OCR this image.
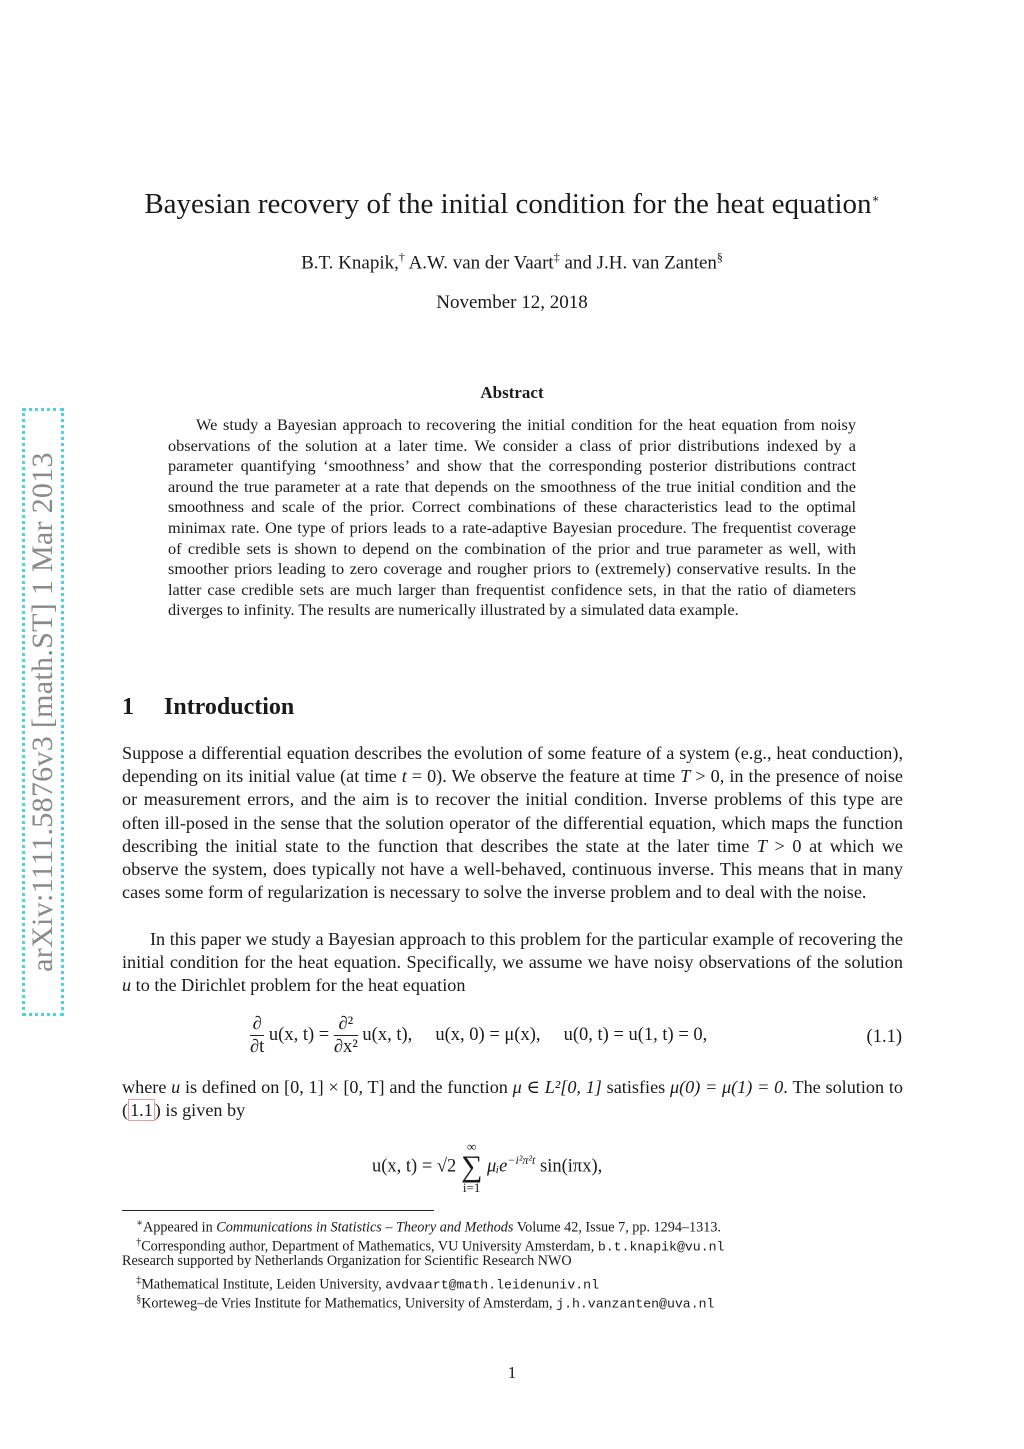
arXiv:1111.5876v3 [math.ST] 1 Mar 2013
Bayesian recovery of the initial condition for the heat equation∗
B.T. Knapik,† A.W. van der Vaart‡ and J.H. van Zanten§
November 12, 2018
Abstract

We study a Bayesian approach to recovering the initial condition for the heat equation from noisy observations of the solution at a later time. We consider a class of prior distributions indexed by a parameter quantifying ‘smoothness’ and show that the corresponding posterior distributions contract around the true parameter at a rate that depends on the smoothness of the true initial condition and the smoothness and scale of the prior. Correct combinations of these characteristics lead to the optimal minimax rate. One type of priors leads to a rate-adaptive Bayesian procedure. The frequentist coverage of credible sets is shown to depend on the combination of the prior and true parameter as well, with smoother priors leading to zero coverage and rougher priors to (extremely) conservative results. In the latter case credible sets are much larger than frequentist confidence sets, in that the ratio of diameters diverges to infinity. The results are numerically illustrated by a simulated data example.

1 Introduction

Suppose a differential equation describes the evolution of some feature of a system (e.g., heat conduction), depending on its initial value (at time t = 0). We observe the feature at time T > 0, in the presence of noise or measurement errors, and the aim is to recover the initial condition. Inverse problems of this type are often ill-posed in the sense that the solution operator of the differential equation, which maps the function describing the initial state to the function that describes the state at the later time T > 0 at which we observe the system, does typically not have a well-behaved, continuous inverse. This means that in many cases some form of regularization is necessary to solve the inverse problem and to deal with the noise.

In this paper we study a Bayesian approach to this problem for the particular example of recovering the initial condition for the heat equation. Specifically, we assume we have noisy observations of the solution u to the Dirichlet problem for the heat equation

$\frac{\partial}{\partial t} u(x$, $t) = \frac{\text{∂²}}{\text{∂x²}} u(x$, t),     u(x, 0) = μ(x),     u(0, t) = u(1, t) = 0,	(1.1)

where u is defined on [0, 1] × [0, T] and the function μ ∈ L²[0, 1] satisfies μ(0) = μ(1) = 0. The solution to ( 1.1 ) is given by

u(x, t) = √2 ∞
∑
i=1 μᵢe$^{-i^2\pi^2t}$ sin(iπx),
∗Appeared in Communications in Statistics – Theory and Methods Volume 42, Issue 7, pp. 1294–1313.
†Corresponding author, Department of Mathematics, VU University Amsterdam, b.t.knapik@vu.nl
Research supported by Netherlands Organization for Scientific Research NWO
‡Mathematical Institute, Leiden University, avdvaart@math.leidenuniv.nl
§Korteweg–de Vries Institute for Mathematics, University of Amsterdam, j.h.vanzanten@uva.nl
1
